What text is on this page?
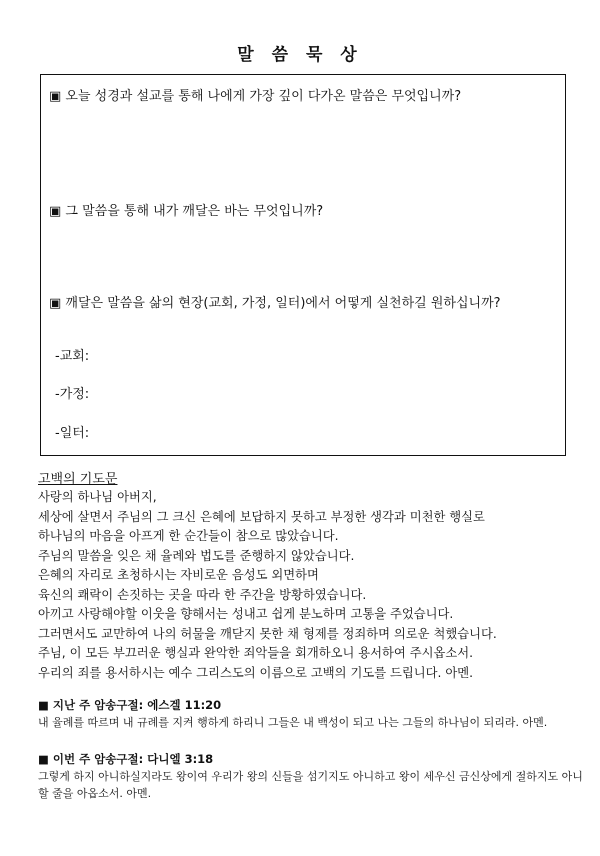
말 씀 묵 상
▣ 오늘 성경과 설교를 통해 나에게 가장 깊이 다가온 말씀은 무엇입니까?
▣ 그 말씀을 통해 내가 깨달은 바는 무엇입니까?
▣ 깨달은 말씀을 삶의 현장(교회, 가정, 일터)에서 어떻게 실천하길 원하십니까?
-교회:
-가정:
-일터:
고백의 기도문
사랑의 하나님 아버지,
세상에 살면서 주님의 그 크신 은혜에 보답하지 못하고 부정한 생각과 미천한 행실로
하나님의 마음을 아프게 한 순간들이 참으로 많았습니다.
주님의 말씀을 잊은 채 율례와 법도를 준행하지 않았습니다.
은혜의 자리로 초청하시는 자비로운 음성도 외면하며
육신의 쾌락이 손짓하는 곳을 따라 한 주간을 방황하였습니다.
아끼고 사랑해야할 이웃을 향해서는 성내고 쉽게 분노하며 고통을 주었습니다.
그러면서도 교만하여 나의 허물을 깨닫지 못한 채 형제를 정죄하며 의로운 척했습니다.
주님, 이 모든 부끄러운 행실과 완악한 죄악들을 회개하오니 용서하여 주시옵소서.
우리의 죄를 용서하시는 예수 그리스도의 이름으로 고백의 기도를 드립니다. 아멘.
■ 지난 주 암송구절: 에스겔 11:20
내 율례를 따르며 내 규례를 지켜 행하게 하리니 그들은 내 백성이 되고 나는 그들의 하나님이 되리라. 아멘.
■ 이번 주 암송구절: 다니엘 3:18
그렇게 하지 아니하실지라도 왕이여 우리가 왕의 신들을 섬기지도 아니하고 왕이 세우신 금신상에게 절하지도 아니할 줄을 아옵소서. 아멘.
